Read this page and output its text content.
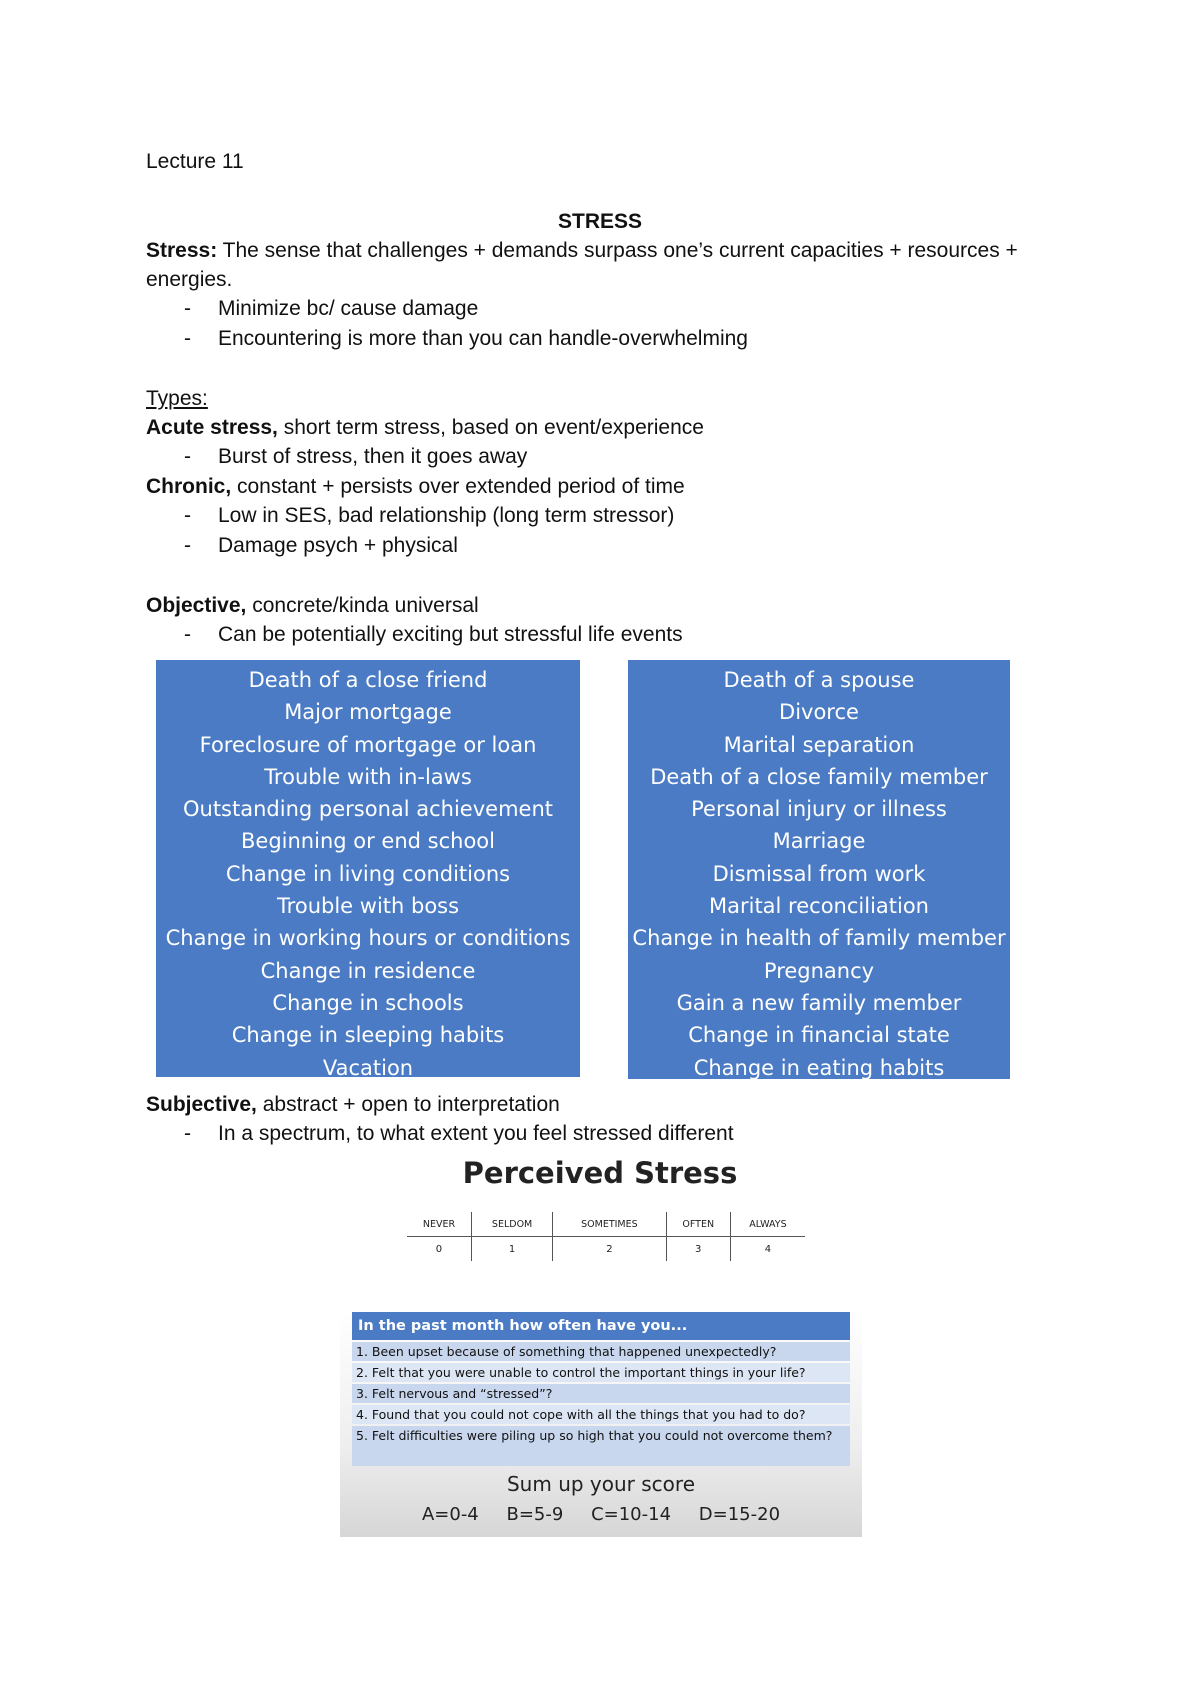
Lecture 11
STRESS
Stress: The sense that challenges + demands surpass one’s current capacities + resources + energies.
- Minimize bc/ cause damage
- Encountering is more than you can handle-overwhelming
Types:
Acute stress, short term stress, based on event/experience
- Burst of stress, then it goes away
Chronic, constant + persists over extended period of time
- Low in SES, bad relationship (long term stressor)
- Damage psych + physical
Objective, concrete/kinda universal
- Can be potentially exciting but stressful life events
Death of a close friend
Major mortgage
Foreclosure of mortgage or loan
Trouble with in-laws
Outstanding personal achievement
Beginning or end school
Change in living conditions
Trouble with boss
Change in working hours or conditions
Change in residence
Change in schools
Change in sleeping habits
Vacation
Death of a spouse
Divorce
Marital separation
Death of a close family member
Personal injury or illness
Marriage
Dismissal from work
Marital reconciliation
Change in health of family member
Pregnancy
Gain a new family member
Change in financial state
Change in eating habits
Subjective, abstract + open to interpretation
- In a spectrum, to what extent you feel stressed different
Perceived Stress
NEVER	SELDOM	SOMETIMES	OFTEN	ALWAYS
0	1	2	3	4
In the past month how often have you...
1. Been upset because of something that happened unexpectedly?
2. Felt that you were unable to control the important things in your life?
3. Felt nervous and “stressed”?
4. Found that you could not cope with all the things that you had to do?
5. Felt difficulties were piling up so high that you could not overcome them?
Sum up your score
A=0-4 B=5-9 C=10-14 D=15-20
